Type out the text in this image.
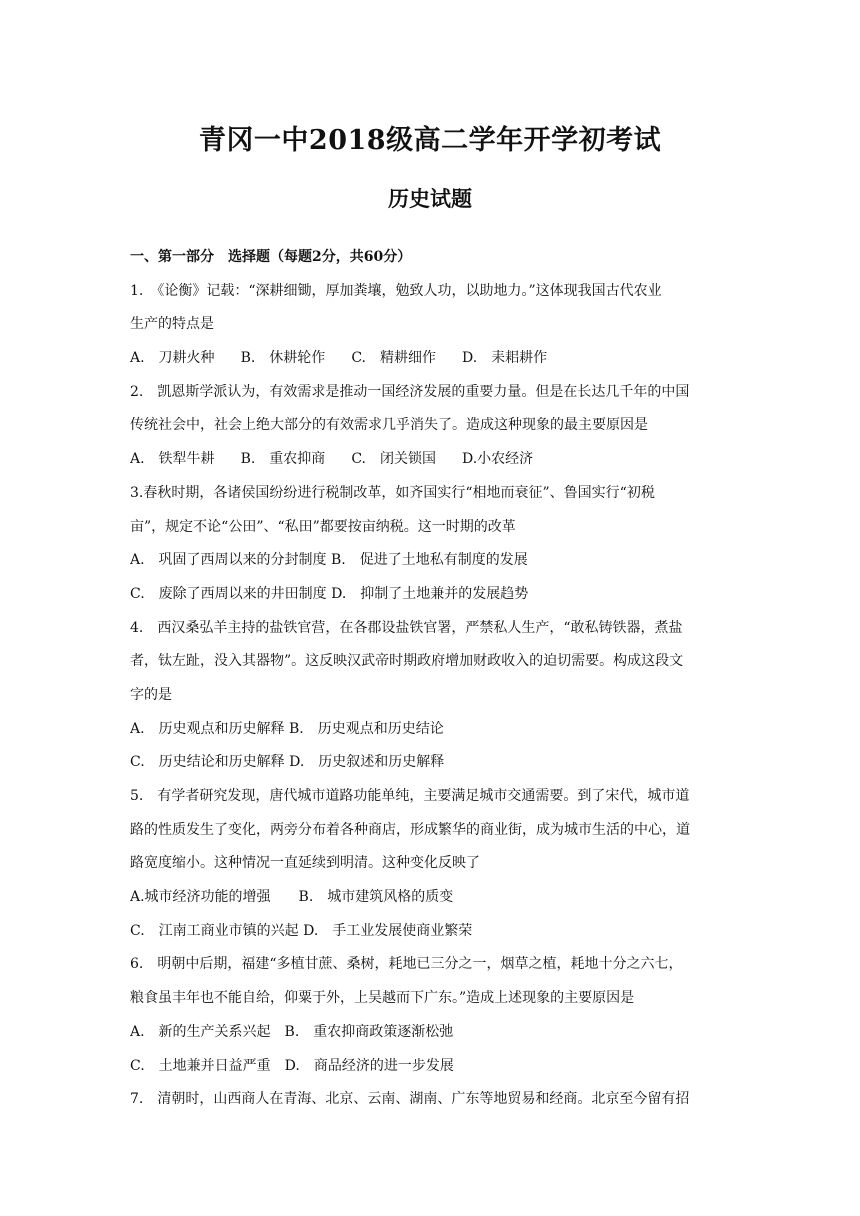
青冈一中2018级高二学年开学初考试
历史试题
一、第一部分　选择题（每题2分，共60分）
1.　《论衡》记载：“深耕细锄，厚加粪壤，勉致人功，以助地力。”这体现我国古代农业
生产的特点是
A.　刀耕火种 B.　休耕轮作 C.　精耕细作 D.　耒耜耕作
2.　凯恩斯学派认为，有效需求是推动一国经济发展的重要力量。但是在长达几千年的中国
传统社会中，社会上绝大部分的有效需求几乎消失了。造成这种现象的最主要原因是
A.　铁犁牛耕 B.　重农抑商 C.　闭关锁国 D.小农经济
3.春秋时期，各诸侯国纷纷进行税制改革，如齐国实行“相地而衰征”、鲁国实行“初税
亩”，规定不论“公田”、“私田”都要按亩纳税。这一时期的改革
A.　巩固了西周以来的分封制度 B.　促进了土地私有制度的发展
C.　废除了西周以来的井田制度 D.　抑制了土地兼并的发展趋势
4.　西汉桑弘羊主持的盐铁官营，在各郡设盐铁官署，严禁私人生产，“敢私铸铁器，煮盐
者，钛左趾，没入其器物”。这反映汉武帝时期政府增加财政收入的迫切需要。构成这段文
字的是
A.　历史观点和历史解释 B.　历史观点和历史结论
C.　历史结论和历史解释 D.　历史叙述和历史解释
5.　有学者研究发现，唐代城市道路功能单纯，主要满足城市交通需要。到了宋代，城市道
路的性质发生了变化，两旁分布着各种商店，形成繁华的商业街，成为城市生活的中心，道
路宽度缩小。这种情况一直延续到明清。这种变化反映了
A.城市经济功能的增强　　B.　城市建筑风格的质变
C.　江南工商业市镇的兴起 D.　手工业发展使商业繁荣
6.　明朝中后期，福建“多植甘蔗、桑树，耗地已三分之一，烟草之植，耗地十分之六七，
粮食虽丰年也不能自给，仰粟于外，上吴越而下广东。”造成上述现象的主要原因是
A.　新的生产关系兴起　B.　重农抑商政策逐渐松弛
C.　土地兼并日益严重　D.　商品经济的进一步发展
7.　清朝时，山西商人在青海、北京、云南、湖南、广东等地贸易和经商。北京至今留有招
